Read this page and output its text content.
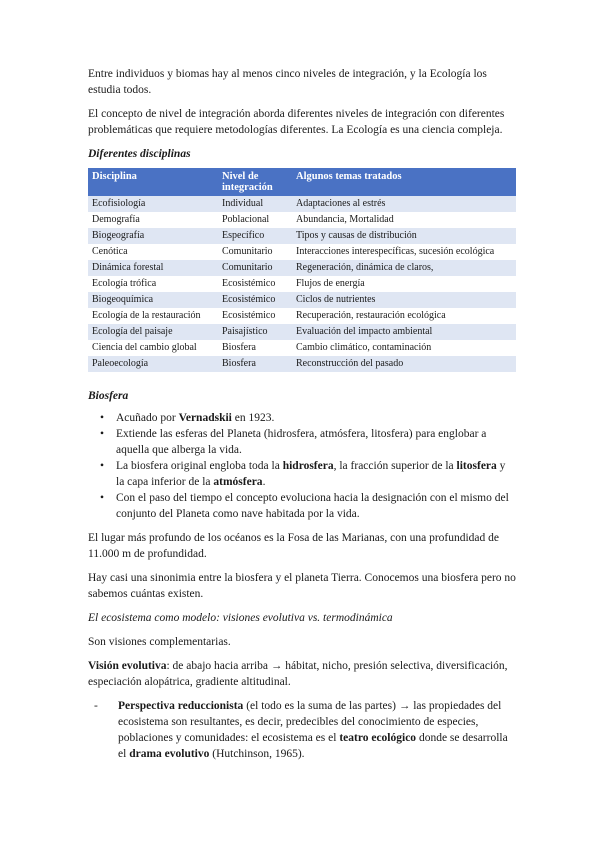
Entre individuos y biomas hay al menos cinco niveles de integración, y la Ecología los estudia todos.

El concepto de nivel de integración aborda diferentes niveles de integración con diferentes problemáticas que requiere metodologías diferentes. La Ecología es una ciencia compleja.

Diferentes disciplinas

Disciplina	Nivel de integración	Algunos temas tratados
Ecofisiología	Individual	Adaptaciones al estrés
Demografía	Poblacional	Abundancia, Mortalidad
Biogeografía	Específico	Tipos y causas de distribución
Cenótica	Comunitario	Interacciones interespecíficas, sucesión ecológica
Dinámica forestal	Comunitario	Regeneración, dinámica de claros,
Ecología trófica	Ecosistémico	Flujos de energía
Biogeoquímica	Ecosistémico	Ciclos de nutrientes
Ecología de la restauración	Ecosistémico	Recuperación, restauración ecológica
Ecología del paisaje	Paisajístico	Evaluación del impacto ambiental
Ciencia del cambio global	Biosfera	Cambio climático, contaminación
Paleoecología	Biosfera	Reconstrucción del pasado

Biosfera

• Acuñado por Vernadskii en 1923.
• Extiende las esferas del Planeta (hidrosfera, atmósfera, litosfera) para englobar a aquella que alberga la vida.
• La biosfera original engloba toda la hidrosfera, la fracción superior de la litosfera y la capa inferior de la atmósfera.
• Con el paso del tiempo el concepto evoluciona hacia la designación con el mismo del conjunto del Planeta como nave habitada por la vida.

El lugar más profundo de los océanos es la Fosa de las Marianas, con una profundidad de 11.000 m de profundidad.

Hay casi una sinonimia entre la biosfera y el planeta Tierra. Conocemos una biosfera pero no sabemos cuántas existen.

El ecosistema como modelo: visiones evolutiva vs. termodinámica

Son visiones complementarias.

Visión evolutiva: de abajo hacia arriba → hábitat, nicho, presión selectiva, diversificación, especiación alopátrica, gradiente altitudinal.

- Perspectiva reduccionista (el todo es la suma de las partes) → las propiedades del ecosistema son resultantes, es decir, predecibles del conocimiento de especies, poblaciones y comunidades: el ecosistema es el teatro ecológico donde se desarrolla el drama evolutivo (Hutchinson, 1965).
